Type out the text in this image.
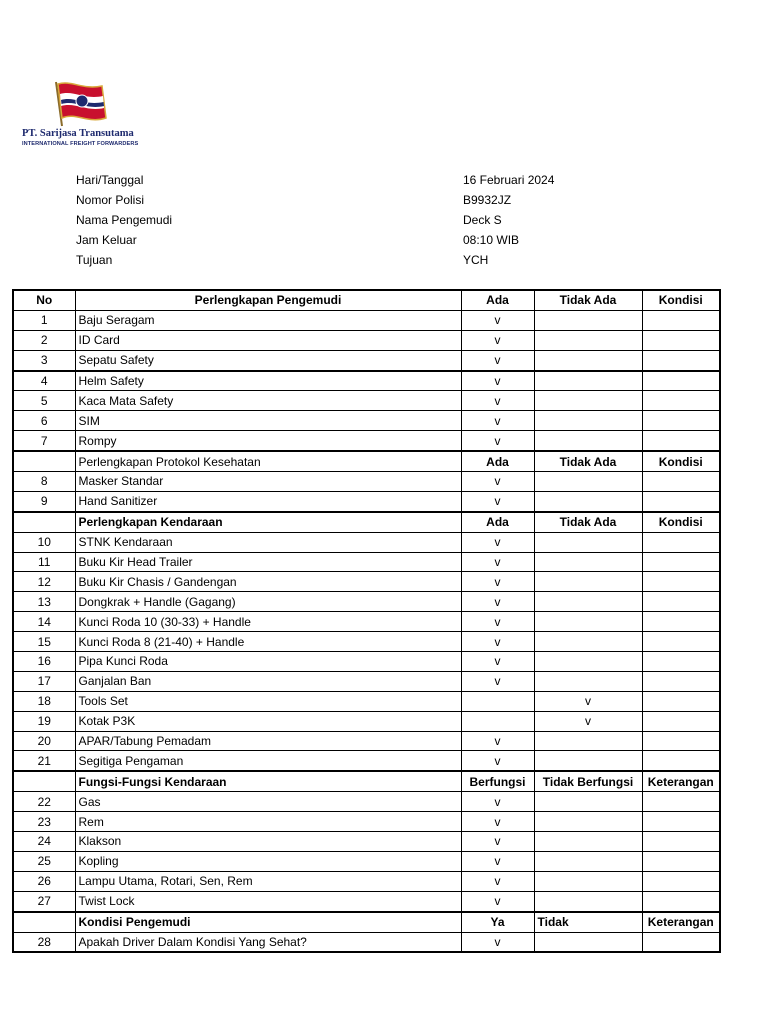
PT. Sarijasa Transutama
INTERNATIONAL FREIGHT FORWARDERS
Hari/Tanggal	16 Februari 2024
Nomor Polisi	B9932JZ
Nama Pengemudi	Deck S
Jam Keluar	08:10 WIB
Tujuan	YCH
No	Perlengkapan Pengemudi	Ada	Tidak Ada	Kondisi
1	Baju Seragam	v		
2	ID Card	v		
3	Sepatu Safety	v		
4	Helm Safety	v		
5	Kaca Mata Safety	v		
6	SIM	v		
7	Rompy	v		
	Perlengkapan Protokol Kesehatan	Ada	Tidak Ada	Kondisi
8	Masker Standar	v		
9	Hand Sanitizer	v		
	Perlengkapan Kendaraan	Ada	Tidak Ada	Kondisi
10	STNK Kendaraan	v		
11	Buku Kir Head Trailer	v		
12	Buku Kir Chasis / Gandengan	v		
13	Dongkrak + Handle (Gagang)	v		
14	Kunci Roda 10 (30-33) + Handle	v		
15	Kunci Roda 8 (21-40) + Handle	v		
16	Pipa Kunci Roda	v		
17	Ganjalan Ban	v		
18	Tools Set		v	
19	Kotak P3K		v	
20	APAR/Tabung Pemadam	v		
21	Segitiga Pengaman	v		
	Fungsi-Fungsi Kendaraan	Berfungsi	Tidak Berfungsi	Keterangan
22	Gas	v		
23	Rem	v		
24	Klakson	v		
25	Kopling	v		
26	Lampu Utama, Rotari, Sen, Rem	v		
27	Twist Lock	v		
	Kondisi Pengemudi	Ya	Tidak	Keterangan
28	Apakah Driver Dalam Kondisi Yang Sehat?	v		
